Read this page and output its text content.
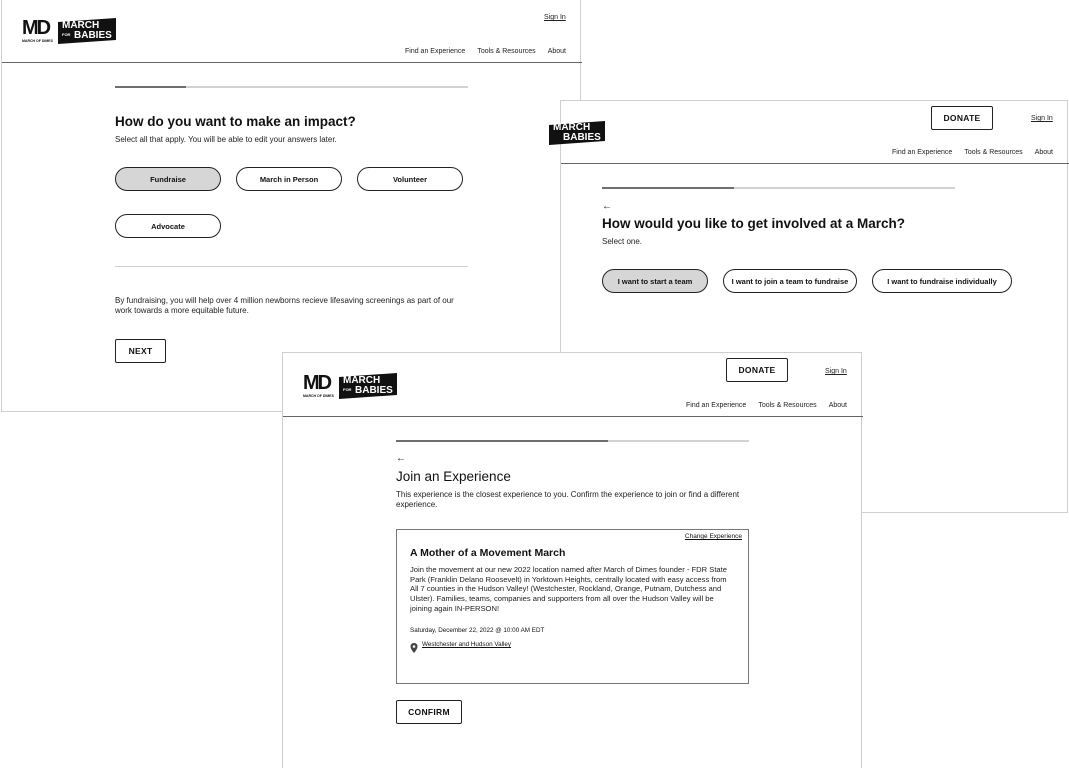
MD
MARCH OF DIMES
MARCH
FOR BABIES
Sign In
Find an Experience Tools & Resources About
How do you want to make an impact?
Select all that apply. You will be able to edit your answers later.
Fundraise	March in Person	Volunteer
Advocate
By fundraising, you will help over 4 million newborns recieve lifesaving screenings as part of our work towards a more equitable future.
NEXT
MARCH
BABIES
DONATE	Sign In
Find an Experience Tools & Resources About
←
How would you like to get involved at a March?
Select one.
I want to start a team	I want to join a team to fundraise	I want to fundraise individually
MD
MARCH OF DIMES
MARCH
FOR BABIES
DONATE	Sign In
Find an Experience Tools & Resources About
←
Join an Experience
This experience is the closest experience to you. Confirm the experience to join or find a different experience.
Change Experience
A Mother of a Movement March
Join the movement at our new 2022 location named after March of Dimes founder - FDR State Park (Franklin Delano Roosevelt) in Yorktown Heights, centrally located with easy access from All 7 counties in the Hudson Valley! (Westchester, Rockland, Orange, Putnam, Dutchess and Ulster). Families, teams, companies and supporters from all over the Hudson Valley will be joining again IN-PERSON!
Saturday, December 22, 2022 @ 10:00 AM EDT
Westchester and Hudson Valley
CONFIRM
